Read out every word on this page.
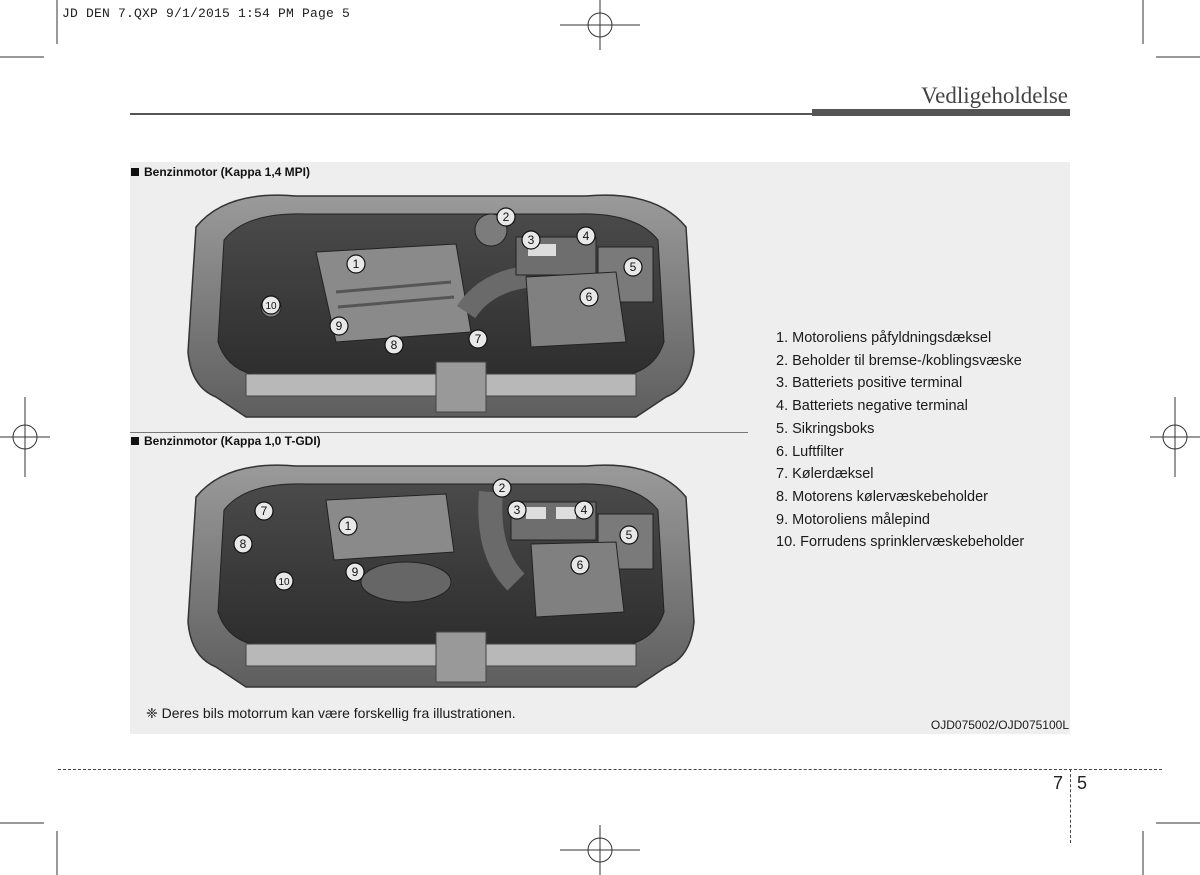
JD DEN 7.QXP 9/1/2015 1:54 PM Page 5
Vedligeholdelse
Benzinmotor (Kappa 1,4 MPI)
1
2
3	4
5
6
7
8
9
10
Benzinmotor (Kappa 1,0 T-GDI)
1
2
3	4
5
6
7
8
9
10
1. Motoroliens påfyldningsdæksel
2. Beholder til bremse-/koblingsvæske
3. Batteriets positive terminal
4. Batteriets negative terminal
5. Sikringsboks
6. Luftfilter
7. Kølerdæksel
8. Motorens kølervæskebeholder
9. Motoroliens målepind
10. Forrudens sprinklervæskebeholder
❈ Deres bils motorrum kan være forskellig fra illustrationen.
OJD075002/OJD075100L
7 5
